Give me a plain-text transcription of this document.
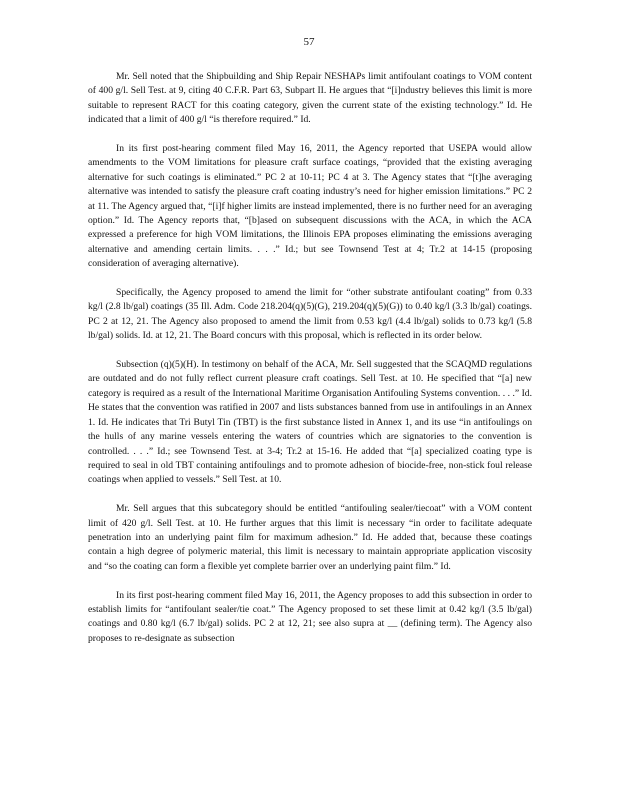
57

Mr. Sell noted that the Shipbuilding and Ship Repair NESHAPs limit antifoulant coatings to VOM content of 400 g/l. Sell Test. at 9, citing 40 C.F.R. Part 63, Subpart II. He argues that “[i]ndustry believes this limit is more suitable to represent RACT for this coating category, given the current state of the existing technology.” Id. He indicated that a limit of 400 g/l “is therefore required.” Id.

In its first post-hearing comment filed May 16, 2011, the Agency reported that USEPA would allow amendments to the VOM limitations for pleasure craft surface coatings, “provided that the existing averaging alternative for such coatings is eliminated.” PC 2 at 10-11; PC 4 at 3. The Agency states that “[t]he averaging alternative was intended to satisfy the pleasure craft coating industry’s need for higher emission limitations.” PC 2 at 11. The Agency argued that, “[i]f higher limits are instead implemented, there is no further need for an averaging option.” Id. The Agency reports that, “[b]ased on subsequent discussions with the ACA, in which the ACA expressed a preference for high VOM limitations, the Illinois EPA proposes eliminating the emissions averaging alternative and amending certain limits. . . .” Id.; but see Townsend Test at 4; Tr.2 at 14-15 (proposing consideration of averaging alternative).

Specifically, the Agency proposed to amend the limit for “other substrate antifoulant coating” from 0.33 kg/l (2.8 lb/gal) coatings (35 Ill. Adm. Code 218.204(q)(5)(G), 219.204(q)(5)(G)) to 0.40 kg/l (3.3 lb/gal) coatings. PC 2 at 12, 21. The Agency also proposed to amend the limit from 0.53 kg/l (4.4 lb/gal) solids to 0.73 kg/l (5.8 lb/gal) solids. Id. at 12, 21. The Board concurs with this proposal, which is reflected in its order below.

Subsection (q)(5)(H). In testimony on behalf of the ACA, Mr. Sell suggested that the SCAQMD regulations are outdated and do not fully reflect current pleasure craft coatings. Sell Test. at 10. He specified that “[a] new category is required as a result of the International Maritime Organisation Antifouling Systems convention. . . .” Id. He states that the convention was ratified in 2007 and lists substances banned from use in antifoulings in an Annex 1. Id. He indicates that Tri Butyl Tin (TBT) is the first substance listed in Annex 1, and its use “in antifoulings on the hulls of any marine vessels entering the waters of countries which are signatories to the convention is controlled. . . .” Id.; see Townsend Test. at 3-4; Tr.2 at 15-16. He added that “[a] specialized coating type is required to seal in old TBT containing antifoulings and to promote adhesion of biocide-free, non-stick foul release coatings when applied to vessels.” Sell Test. at 10.

Mr. Sell argues that this subcategory should be entitled “antifouling sealer/tiecoat” with a VOM content limit of 420 g/l. Sell Test. at 10. He further argues that this limit is necessary “in order to facilitate adequate penetration into an underlying paint film for maximum adhesion.” Id. He added that, because these coatings contain a high degree of polymeric material, this limit is necessary to maintain appropriate application viscosity and “so the coating can form a flexible yet complete barrier over an underlying paint film.” Id.

In its first post-hearing comment filed May 16, 2011, the Agency proposes to add this subsection in order to establish limits for “antifoulant sealer/tie coat.” The Agency proposed to set these limit at 0.42 kg/l (3.5 lb/gal) coatings and 0.80 kg/l (6.7 lb/gal) solids. PC 2 at 12, 21; see also supra at __ (defining term). The Agency also proposes to re-designate as subsection
